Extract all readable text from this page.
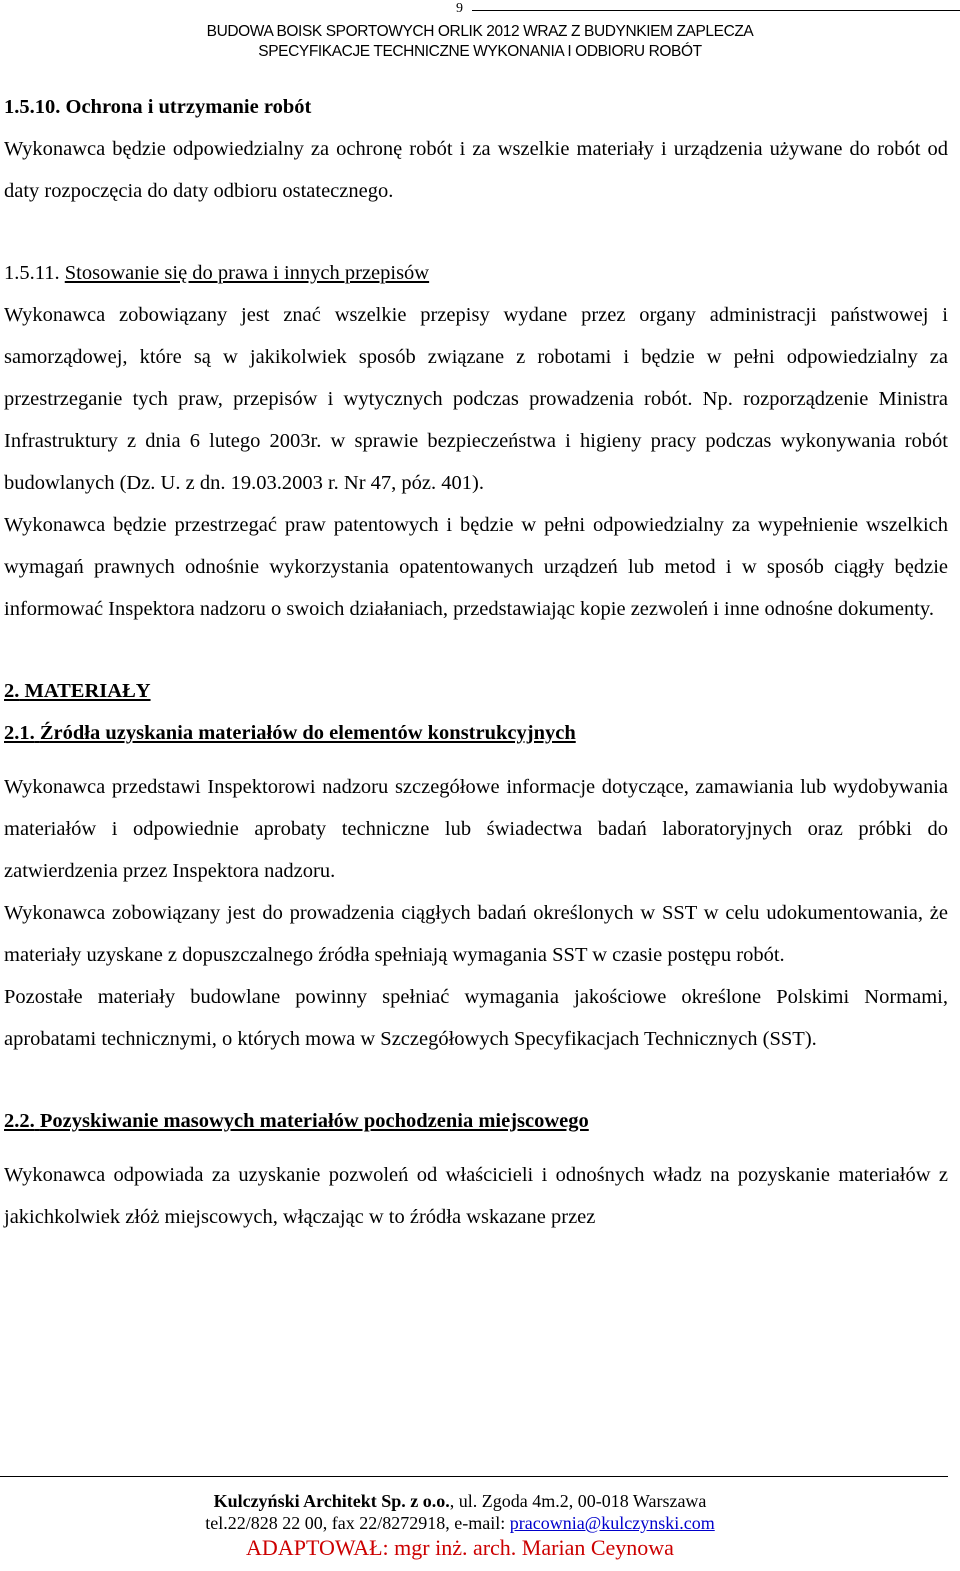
9
BUDOWA BOISK SPORTOWYCH ORLIK 2012 WRAZ Z BUDYNKIEM ZAPLECZA
SPECYFIKACJE TECHNICZNE WYKONANIA I ODBIORU ROBÓT
1.5.10. Ochrona i utrzymanie robót

Wykonawca będzie odpowiedzialny za ochronę robót i za wszelkie materiały i urządzenia używane do robót od daty rozpoczęcia do daty odbioru ostatecznego.

1.5.11. Stosowanie się do prawa i innych przepisów

Wykonawca zobowiązany jest znać wszelkie przepisy wydane przez organy administracji państwowej i samorządowej, które są w jakikolwiek sposób związane z robotami i będzie w pełni odpowiedzialny za przestrzeganie tych praw, przepisów i wytycznych podczas prowadzenia robót. Np. rozporządzenie Ministra Infrastruktury z dnia 6 lutego 2003r. w sprawie bezpieczeństwa i higieny pracy podczas wykonywania robót budowlanych (Dz. U. z dn. 19.03.2003 r. Nr 47, póz. 401).

Wykonawca będzie przestrzegać praw patentowych i będzie w pełni odpowiedzialny za wypełnienie wszelkich wymagań prawnych odnośnie wykorzystania opatentowanych urządzeń lub metod i w sposób ciągły będzie informować Inspektora nadzoru o swoich działaniach, przedstawiając kopie zezwoleń i inne odnośne dokumenty.

2. MATERIAŁY
2.1. Źródła uzyskania materiałów do elementów konstrukcyjnych

Wykonawca przedstawi Inspektorowi nadzoru szczegółowe informacje dotyczące, zamawiania lub wydobywania materiałów i odpowiednie aprobaty techniczne lub świadectwa badań laboratoryjnych oraz próbki do zatwierdzenia przez Inspektora nadzoru.

Wykonawca zobowiązany jest do prowadzenia ciągłych badań określonych w SST w celu udokumentowania, że materiały uzyskane z dopuszczalnego źródła spełniają wymagania SST w czasie postępu robót.

Pozostałe materiały budowlane powinny spełniać wymagania jakościowe określone Polskimi Normami, aprobatami technicznymi, o których mowa w Szczegółowych Specyfikacjach Technicznych (SST).

2.2. Pozyskiwanie masowych materiałów pochodzenia miejscowego

Wykonawca odpowiada za uzyskanie pozwoleń od właścicieli i odnośnych władz na pozyskanie materiałów z jakichkolwiek złóż miejscowych, włączając w to źródła wskazane przez

Kulczyński Architekt Sp. z o.o., ul. Zgoda 4m.2, 00-018 Warszawa
tel.22/828 22 00, fax 22/8272918, e-mail: pracownia@kulczynski.com
ADAPTOWAŁ: mgr inż. arch. Marian Ceynowa
